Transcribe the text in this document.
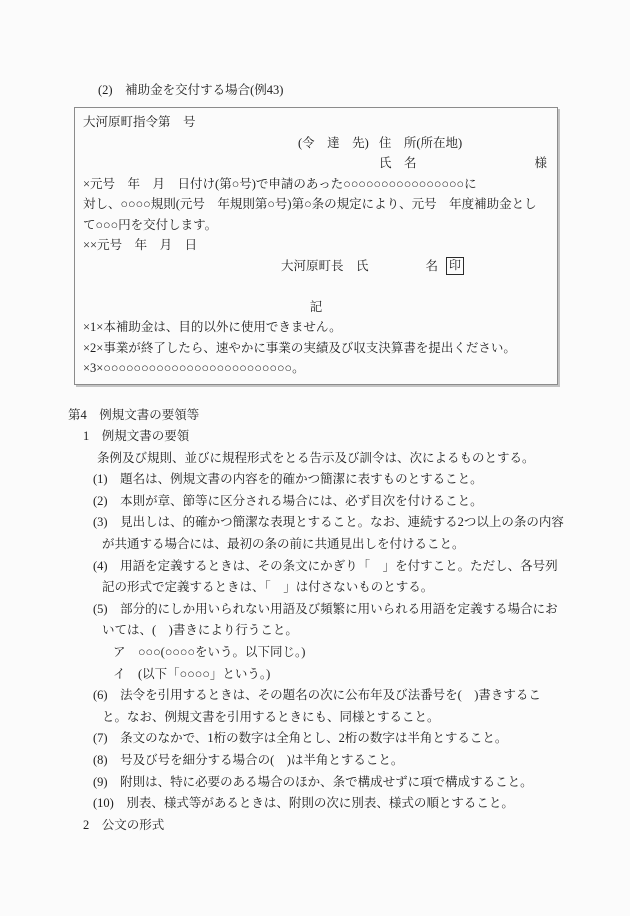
(2)　補助金を交付する場合(例43)
大河原町指令第　号
(令　達　先) 住　所(所在地)
氏　名	様
×元号　年　月　日付け(第○号)で申請のあった○○○○○○○○○○○○○○○○に
対し、○○○○規則(元号　年規則第○号)第○条の規定により、元号　年度補助金とし
て○○○円を交付します。
××元号　年　月　日
大河原町長　氏	名 印
記
×1×本補助金は、目的以外に使用できません。
×2×事業が終了したら、速やかに事業の実績及び収支決算書を提出ください。
×3×○○○○○○○○○○○○○○○○○○○○○○○○○。
第4　例規文書の要領等
1　例規文書の要領
条例及び規則、並びに規程形式をとる告示及び訓令は、次によるものとする。
(1)　題名は、例規文書の内容を的確かつ簡潔に表すものとすること。
(2)　本則が章、節等に区分される場合には、必ず目次を付けること。
(3)　見出しは、的確かつ簡潔な表現とすること。なお、連続する2つ以上の条の内容
が共通する場合には、最初の条の前に共通見出しを付けること。
(4)　用語を定義するときは、その条文にかぎり「　」を付すこと。ただし、各号列
記の形式で定義するときは、「　」は付さないものとする。
(5)　部分的にしか用いられない用語及び頻繁に用いられる用語を定義する場合にお
いては、(　)書きにより行うこと。
ア　○○○(○○○○をいう。以下同じ。)
イ　(以下「○○○○」という。)
(6)　法令を引用するときは、その題名の次に公布年及び法番号を(　)書きするこ
と。なお、例規文書を引用するときにも、同様とすること。
(7)　条文のなかで、1桁の数字は全角とし、2桁の数字は半角とすること。
(8)　号及び号を細分する場合の(　)は半角とすること。
(9)　附則は、特に必要のある場合のほか、条で構成せずに項で構成すること。
(10)　別表、様式等があるときは、附則の次に別表、様式の順とすること。
2　公文の形式
